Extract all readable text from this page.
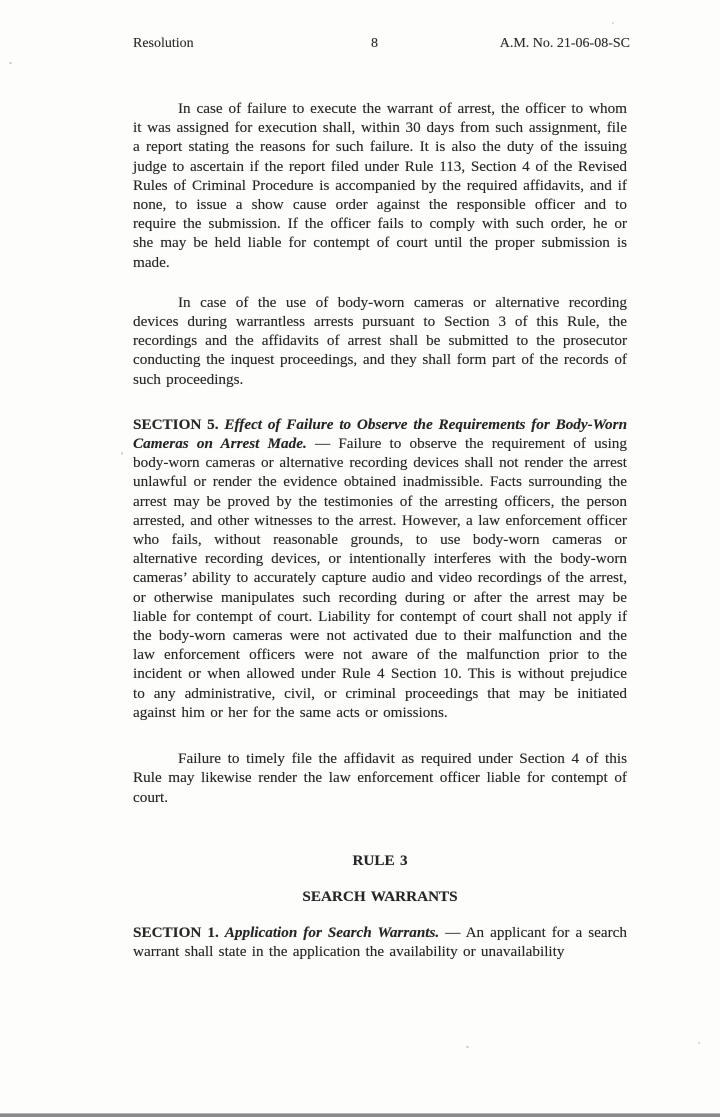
Resolution	8	A.M. No. 21-06-08-SC

In case of failure to execute the warrant of arrest, the officer to whom it was assigned for execution shall, within 30 days from such assignment, file a report stating the reasons for such failure. It is also the duty of the issuing judge to ascertain if the report filed under Rule 113, Section 4 of the Revised Rules of Criminal Procedure is accompanied by the required affidavits, and if none, to issue a show cause order against the responsible officer and to require the submission. If the officer fails to comply with such order, he or she may be held liable for contempt of court until the proper submission is made.

In case of the use of body-worn cameras or alternative recording devices during warrantless arrests pursuant to Section 3 of this Rule, the recordings and the affidavits of arrest shall be submitted to the prosecutor conducting the inquest proceedings, and they shall form part of the records of such proceedings.

SECTION 5. Effect of Failure to Observe the Requirements for Body-Worn Cameras on Arrest Made. — Failure to observe the requirement of using body-worn cameras or alternative recording devices shall not render the arrest unlawful or render the evidence obtained inadmissible. Facts surrounding the arrest may be proved by the testimonies of the arresting officers, the person arrested, and other witnesses to the arrest. However, a law enforcement officer who fails, without reasonable grounds, to use body-worn cameras or alternative recording devices, or intentionally interferes with the body-worn cameras’ ability to accurately capture audio and video recordings of the arrest, or otherwise manipulates such recording during or after the arrest may be liable for contempt of court. Liability for contempt of court shall not apply if the body-worn cameras were not activated due to their malfunction and the law enforcement officers were not aware of the malfunction prior to the incident or when allowed under Rule 4 Section 10. This is without prejudice to any administrative, civil, or criminal proceedings that may be initiated against him or her for the same acts or omissions.

Failure to timely file the affidavit as required under Section 4 of this Rule may likewise render the law enforcement officer liable for contempt of court.

RULE 3

SEARCH WARRANTS

SECTION 1. Application for Search Warrants. — An applicant for a search warrant shall state in the application the availability or unavailability
